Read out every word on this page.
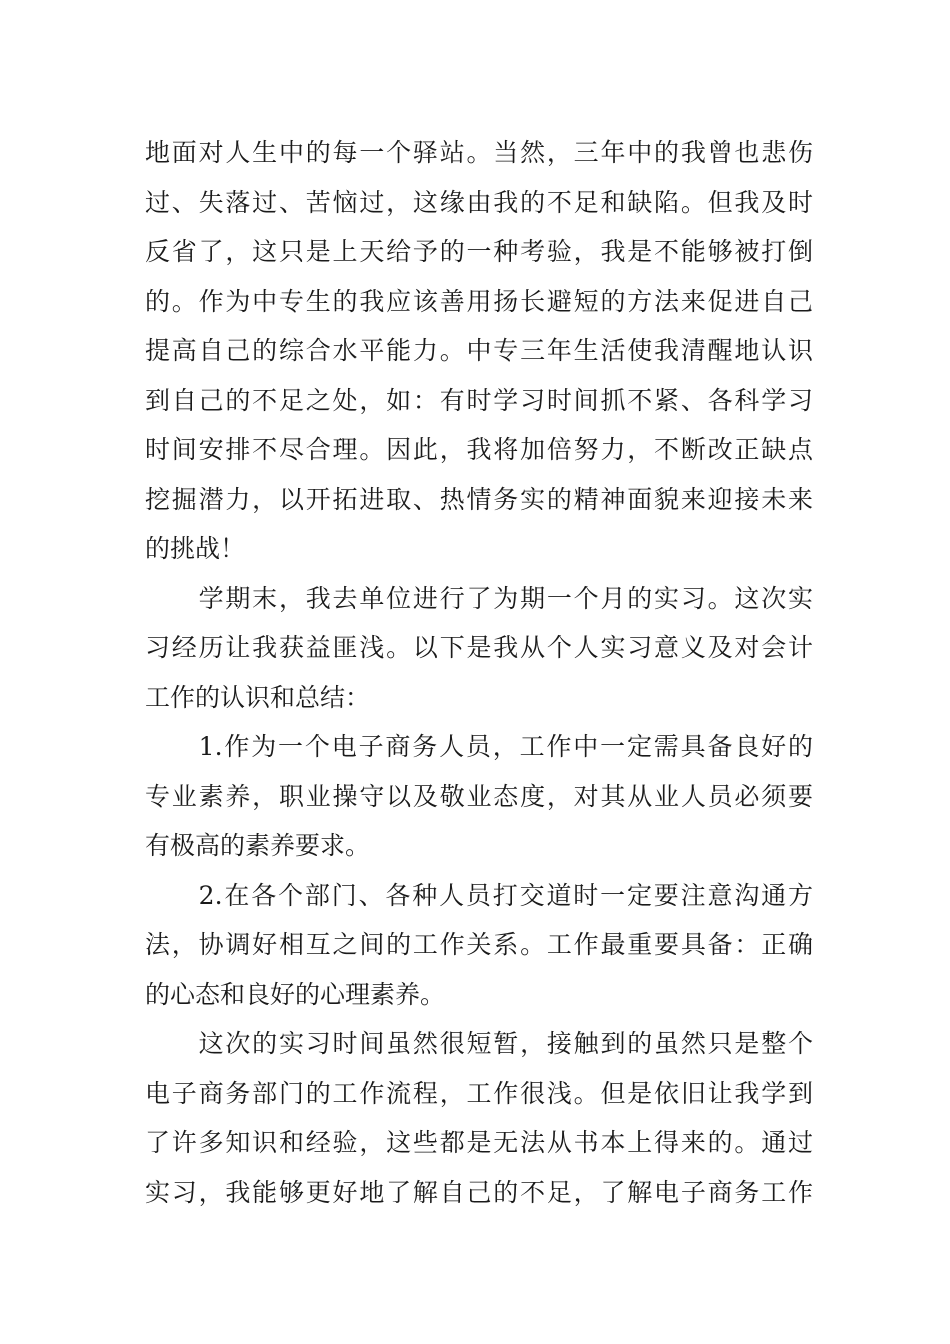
地面对人生中的每一个驿站。当然，三年中的我曾也悲伤
过、失落过、苦恼过，这缘由我的不足和缺陷。但我及时
反省了，这只是上天给予的一种考验，我是不能够被打倒
的。作为中专生的我应该善用扬长避短的方法来促进自己
提高自己的综合水平能力。中专三年生活使我清醒地认识
到自己的不足之处，如：有时学习时间抓不紧、各科学习
时间安排不尽合理。因此，我将加倍努力，不断改正缺点
挖掘潜力，以开拓进取、热情务实的精神面貌来迎接未来
的挑战！
　　学期末，我去单位进行了为期一个月的实习。这次实
习经历让我获益匪浅。以下是我从个人实习意义及对会计
工作的认识和总结：
　　1.作为一个电子商务人员，工作中一定需具备良好的
专业素养，职业操守以及敬业态度，对其从业人员必须要
有极高的素养要求。
　　2.在各个部门、各种人员打交道时一定要注意沟通方
法，协调好相互之间的工作关系。工作最重要具备：正确
的心态和良好的心理素养。
　　这次的实习时间虽然很短暂，接触到的虽然只是整个
电子商务部门的工作流程，工作很浅。但是依旧让我学到
了许多知识和经验，这些都是无法从书本上得来的。通过
实习，我能够更好地了解自己的不足，了解电子商务工作
